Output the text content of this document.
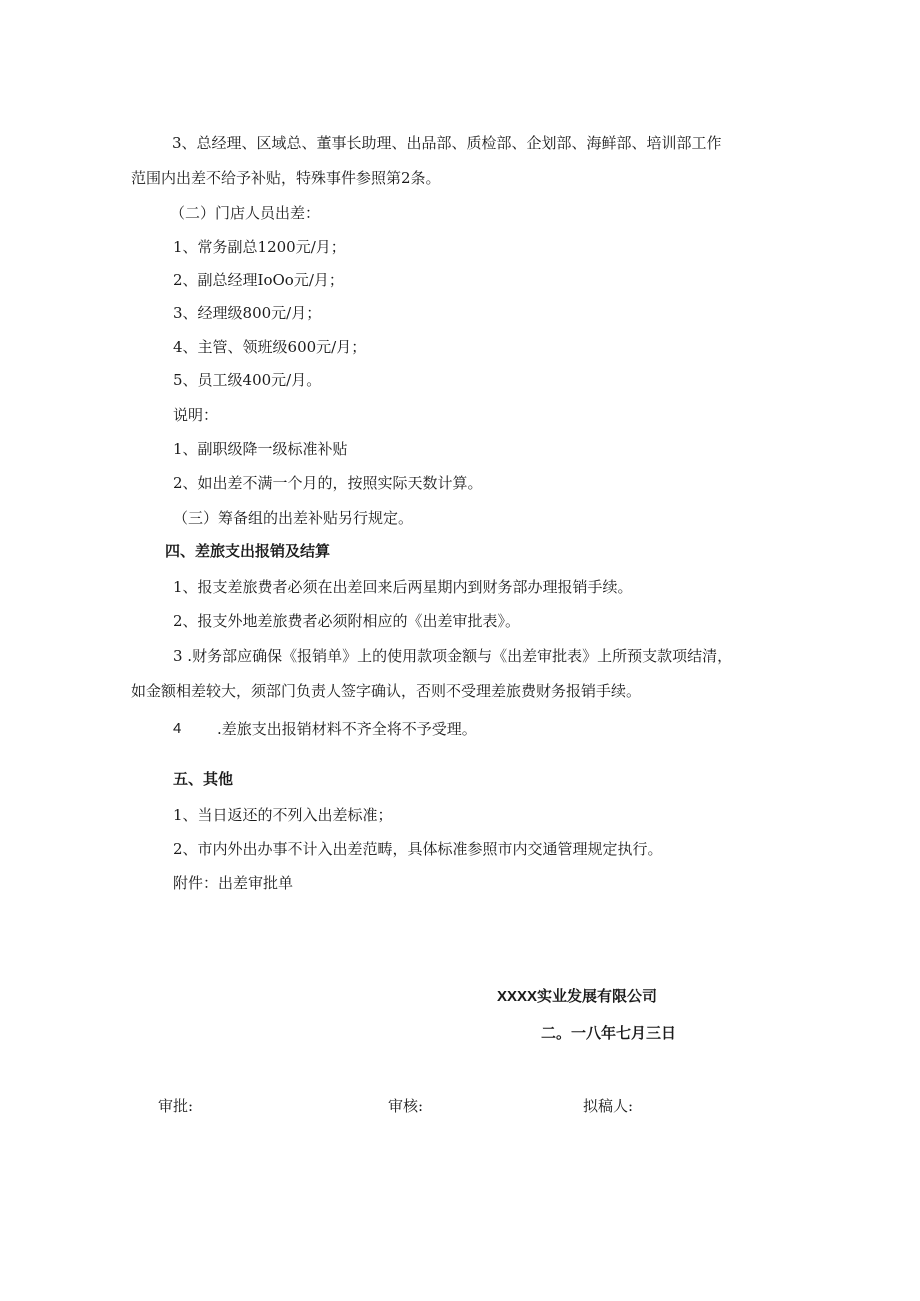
3、总经理、区域总、董事长助理、出品部、质检部、企划部、海鲜部、培训部工作
范围内出差不给予补贴，特殊事件参照第2条。
（二）门店人员出差：
1、常务副总1200元/月；
2、副总经理IoOo元/月；
3、经理级800元/月；
4、主管、领班级600元/月；
5、员工级400元/月。
说明：
1、副职级降一级标准补贴
2、如出差不满一个月的，按照实际天数计算。
（三）筹备组的出差补贴另行规定。
四、差旅支出报销及结算
1、报支差旅费者必须在出差回来后两星期内到财务部办理报销手续。
2、报支外地差旅费者必须附相应的《出差审批表》。
3 .财务部应确保《报销单》上的使用款项金额与《出差审批表》上所预支款项结清，
如金额相差较大，须部门负责人签字确认，否则不受理差旅费财务报销手续。
4 .差旅支出报销材料不齐全将不予受理。
五、其他
1、当日返还的不列入出差标准；
2、市内外出办事不计入出差范畴，具体标准参照市内交通管理规定执行。
附件：出差审批单
XXXX实业发展有限公司
二。一八年七月三日
审批:	审核:	拟稿人:
